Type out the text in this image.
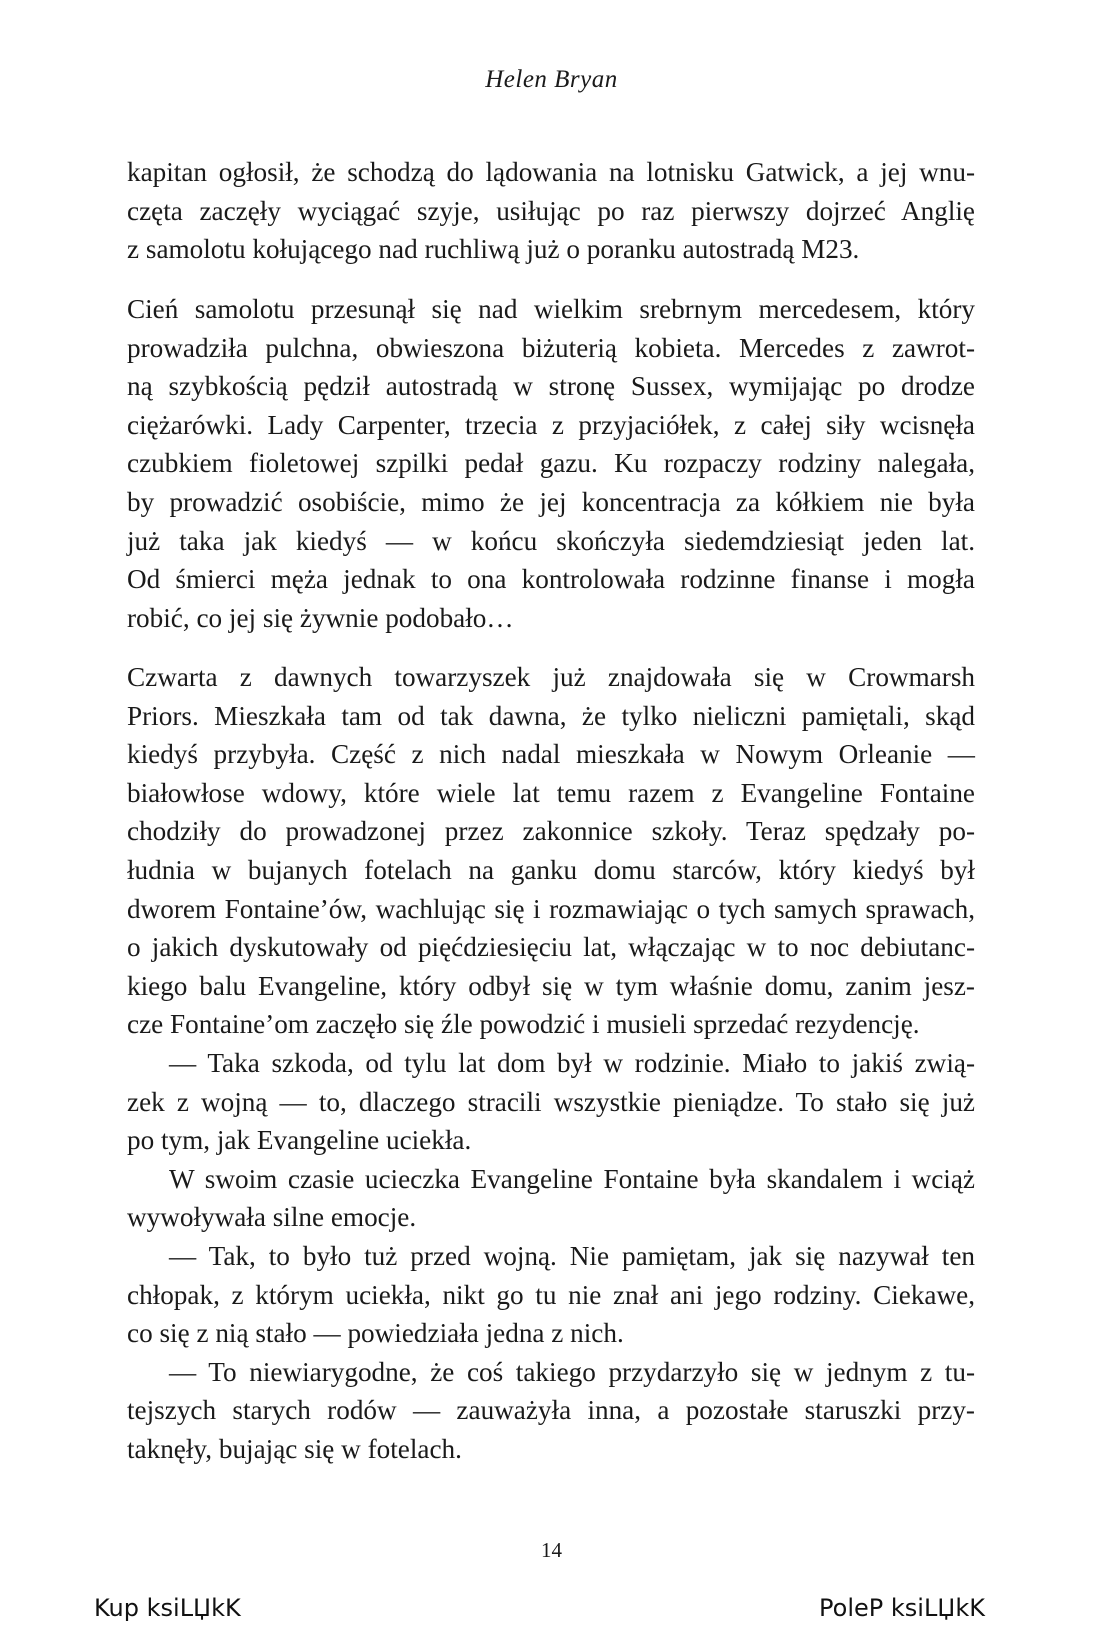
Helen Bryan
kapitan ogłosił, że schodzą do lądowania na lotnisku Gatwick, a jej wnu-
częta zaczęły wyciągać szyje, usiłując po raz pierwszy dojrzeć Anglię
z samolotu kołującego nad ruchliwą już o poranku autostradą M23.
Cień samolotu przesunął się nad wielkim srebrnym mercedesem, który
prowadziła pulchna, obwieszona biżuterią kobieta. Mercedes z zawrot-
ną szybkością pędził autostradą w stronę Sussex, wymijając po drodze
ciężarówki. Lady Carpenter, trzecia z przyjaciółek, z całej siły wcisnęła
czubkiem fioletowej szpilki pedał gazu. Ku rozpaczy rodziny nalegała,
by prowadzić osobiście, mimo że jej koncentracja za kółkiem nie była
już taka jak kiedyś — w końcu skończyła siedemdziesiąt jeden lat.
Od śmierci męża jednak to ona kontrolowała rodzinne finanse i mogła
robić, co jej się żywnie podobało…
Czwarta z dawnych towarzyszek już znajdowała się w Crowmarsh
Priors. Mieszkała tam od tak dawna, że tylko nieliczni pamiętali, skąd
kiedyś przybyła. Część z nich nadal mieszkała w Nowym Orleanie —
białowłose wdowy, które wiele lat temu razem z Evangeline Fontaine
chodziły do prowadzonej przez zakonnice szkoły. Teraz spędzały po-
łudnia w bujanych fotelach na ganku domu starców, który kiedyś był
dworem Fontaine’ów, wachlując się i rozmawiając o tych samych sprawach,
o jakich dyskutowały od pięćdziesięciu lat, włączając w to noc debiutanc-
kiego balu Evangeline, który odbył się w tym właśnie domu, zanim jesz-
cze Fontaine’om zaczęło się źle powodzić i musieli sprzedać rezydencję.
— Taka szkoda, od tylu lat dom był w rodzinie. Miało to jakiś zwią-
zek z wojną — to, dlaczego stracili wszystkie pieniądze. To stało się już
po tym, jak Evangeline uciekła.
W swoim czasie ucieczka Evangeline Fontaine była skandalem i wciąż
wywoływała silne emocje.
— Tak, to było tuż przed wojną. Nie pamiętam, jak się nazywał ten
chłopak, z którym uciekła, nikt go tu nie znał ani jego rodziny. Ciekawe,
co się z nią stało — powiedziała jedna z nich.
— To niewiarygodne, że coś takiego przydarzyło się w jednym z tu-
tejszych starych rodów — zauważyła inna, a pozostałe staruszki przy-
taknęły, bujając się w fotelach.
14
Kup ksiLЏkK	PoleP ksiLЏkK
